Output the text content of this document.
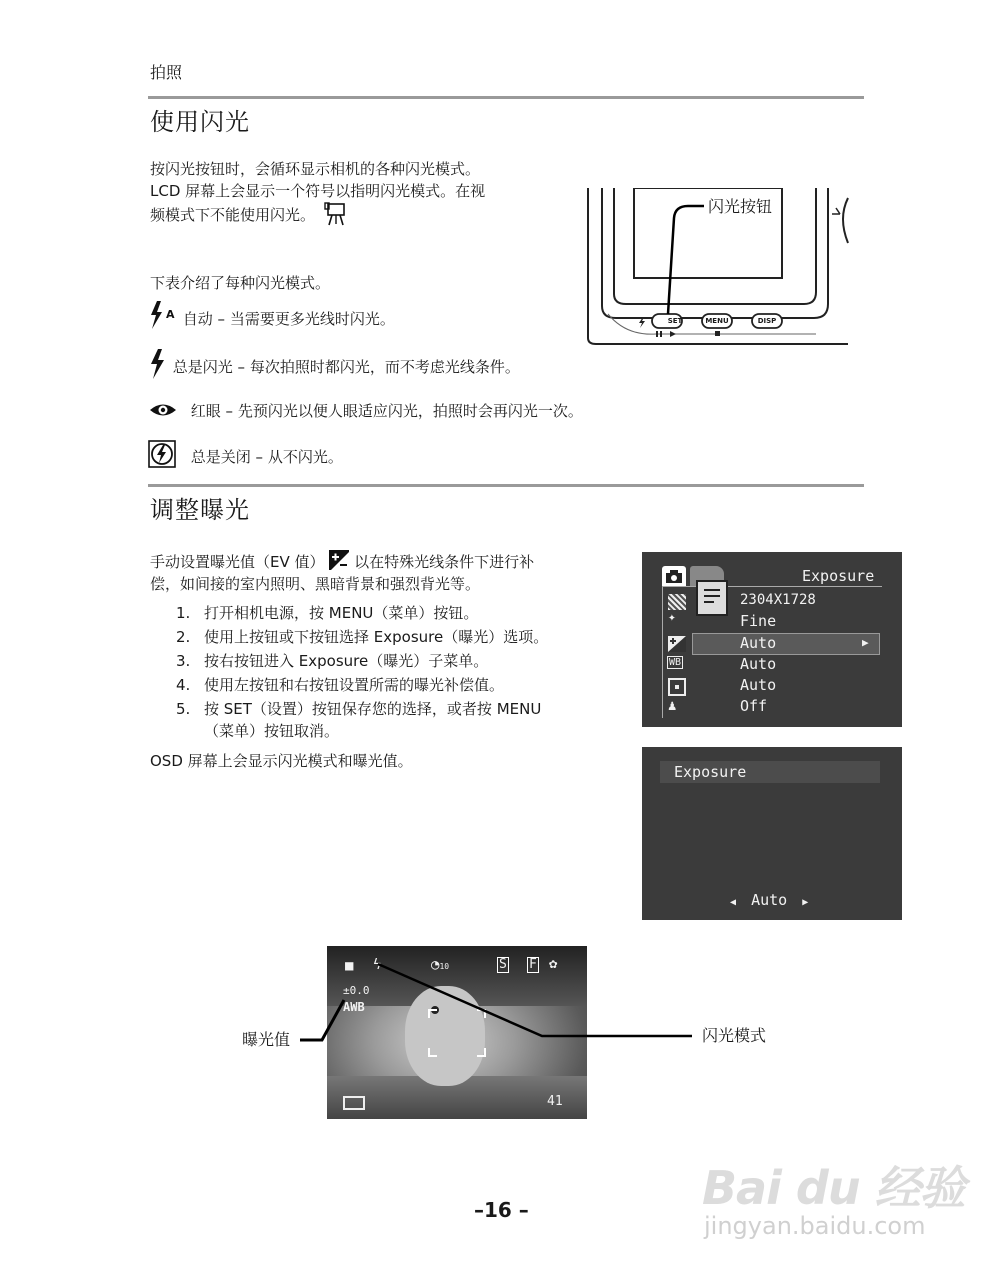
拍照
使用闪光
按闪光按钮时，会循环显示相机的各种闪光模式。
LCD 屏幕上会显示一个符号以指明闪光模式。在视
频模式下不能使用闪光。
下表介绍了每种闪光模式。
A 自动 – 当需要更多光线时闪光。
总是闪光 – 每次拍照时都闪光，而不考虑光线条件。
红眼 – 先预闪光以便人眼适应闪光，拍照时会再闪光一次。
总是关闭 – 从不闪光。
SET	MENU	DISP
闪光按钮
调整曝光
手动设置曝光值（EV 值） 以在特殊光线条件下进行补
偿，如间接的室内照明、黑暗背景和强烈背光等。
1. 打开相机电源，按 MENU（菜单）按钮。
2. 使用上按钮或下按钮选择 Exposure（曝光）选项。
3. 按右按钮进入 Exposure（曝光）子菜单。
4. 使用左按钮和右按钮设置所需的曝光补偿值。
5. 按 SET（设置）按钮保存您的选择，或者按 MENU
（菜单）按钮取消。
OSD 屏幕上会显示闪光模式和曝光值。
Exposure
✦
WB
♟
2304X1728
Fine
Auto	▶
Auto
Auto
Off
Exposure
◀ Auto ▶
■ ϟ	◔10	S F ✿
±0.0
AWB
41
曝光值	闪光模式
–16 –	Bai du 经验
jingyan.baidu.com
